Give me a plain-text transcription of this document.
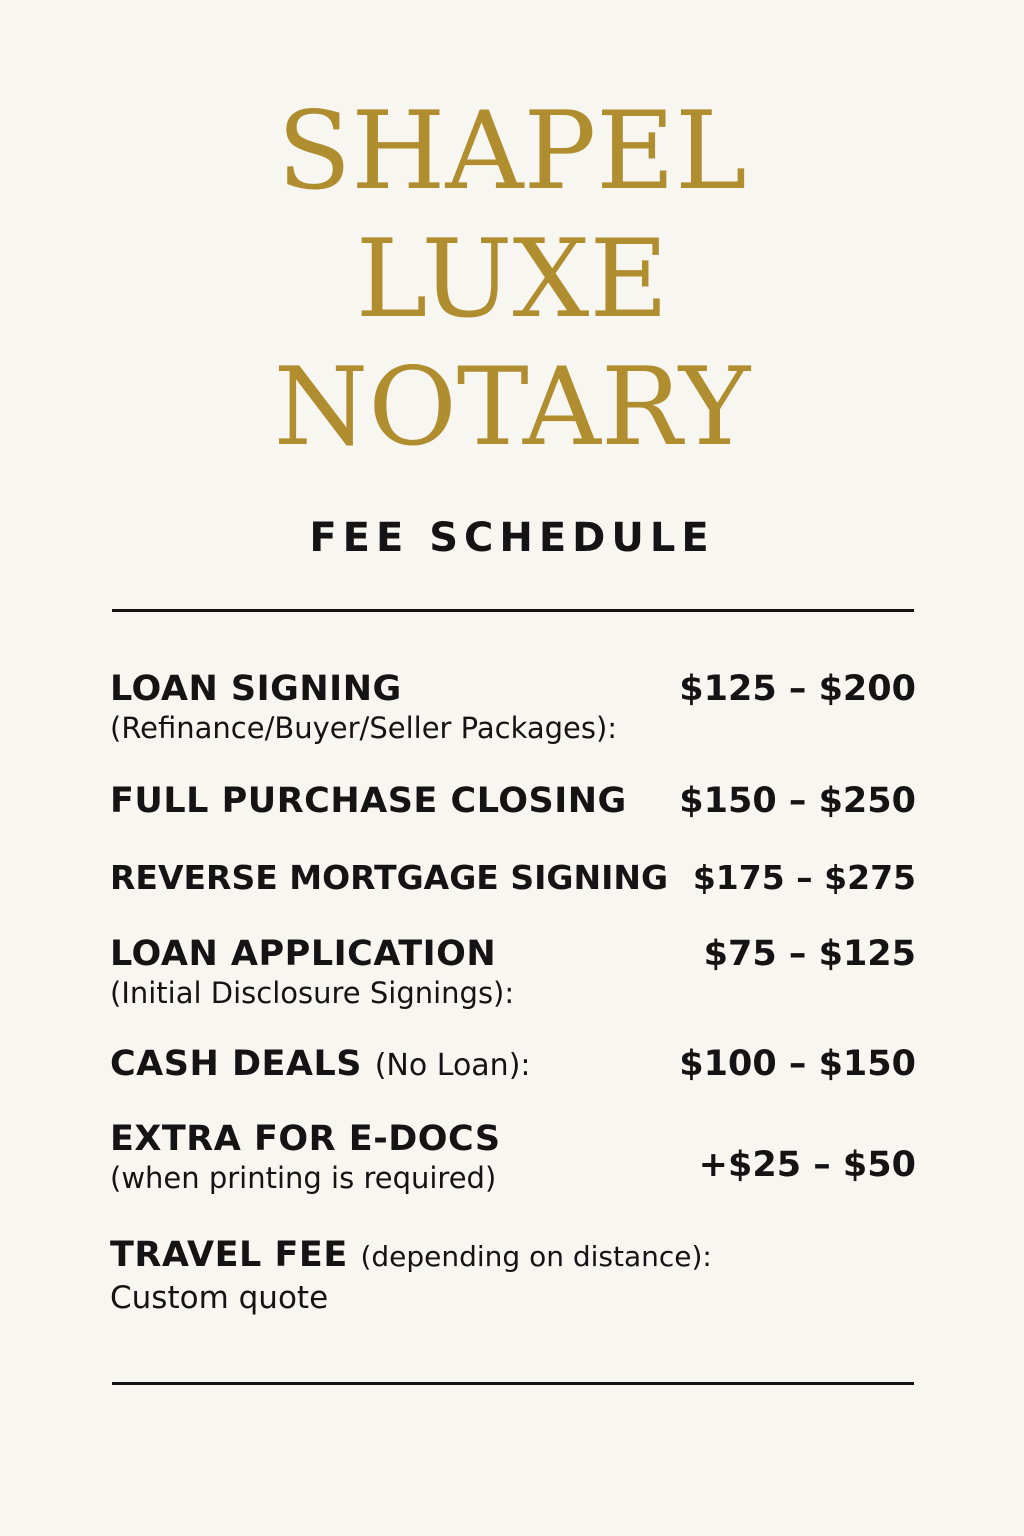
SHAPEL
LUXE
NOTARY
FEE SCHEDULE
LOAN SIGNING
(Refinance/Buyer/Seller Packages):
$125 – $200
FULL PURCHASE CLOSING $150 – $250
REVERSE MORTGAGE SIGNING $175 – $275
LOAN APPLICATION
(Initial Disclosure Signings):
$75 – $125
CASH DEALS (No Loan):	$100 – $150
EXTRA FOR E-DOCS
(when printing is required)	+$25 – $50
TRAVEL FEE (depending on distance):
Custom quote
